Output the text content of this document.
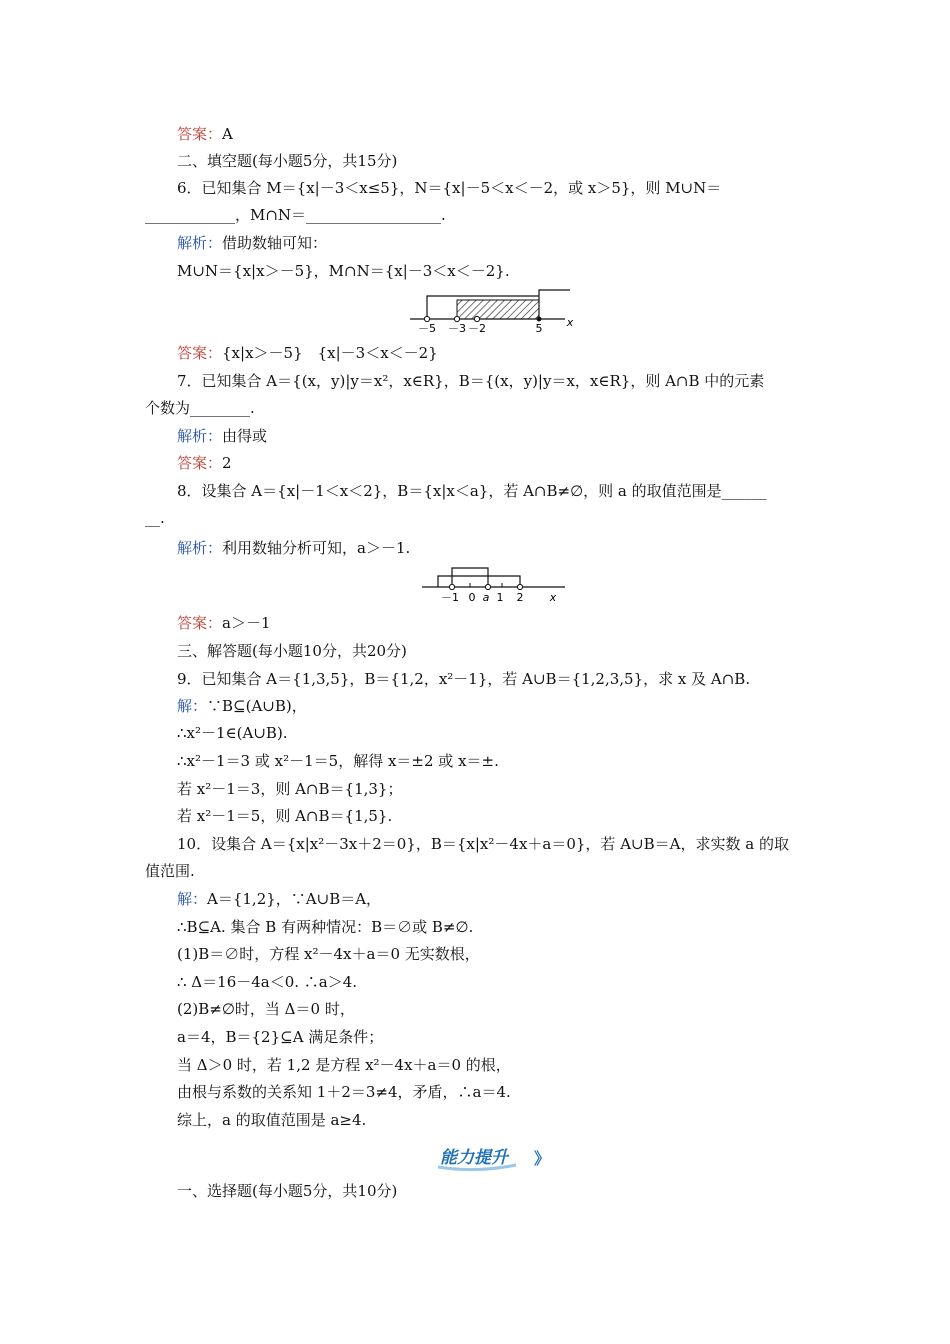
答案：A
二、填空题(每小题5分，共15分)
6．已知集合 M＝{x|－3＜x≤5}，N＝{x|－5＜x＜－2，或 x＞5}，则 M∪N＝
____________，M∩N＝__________________.
解析：借助数轴可知：
M∪N＝{x|x＞－5}，M∩N＝{x|－3＜x＜－2}.
－5 －3 －2	5 x
答案：{x|x＞－5}　{x|－3＜x＜－2}
7．已知集合 A＝{(x，y)|y＝x²，x∈R}，B＝{(x，y)|y＝x，x∈R}，则 A∩B 中的元素
个数为________.
解析：由得或
答案：2
8．设集合 A＝{x|－1＜x＜2}，B＝{x|x＜a}，若 A∩B≠∅，则 a 的取值范围是______
__.
解析：利用数轴分析可知，a＞－1.
－1 0 a 1 2 x
答案：a＞－1
三、解答题(每小题10分，共20分)
9．已知集合 A＝{1,3,5}，B＝{1,2，x²－1}，若 A∪B＝{1,2,3,5}，求 x 及 A∩B.
解：∵B⊆(A∪B)，
∴x²－1∈(A∪B).
∴x²－1＝3 或 x²－1＝5，解得 x＝±2 或 x＝±.
若 x²－1＝3，则 A∩B＝{1,3}；
若 x²－1＝5，则 A∩B＝{1,5}.
10．设集合 A＝{x|x²－3x＋2＝0}，B＝{x|x²－4x＋a＝0}，若 A∪B＝A，求实数 a 的取
值范围.
解：A＝{1,2}，∵A∪B＝A，
∴B⊆A. 集合 B 有两种情况：B＝∅或 B≠∅.
(1)B＝∅时，方程 x²－4x＋a＝0 无实数根，
∴ Δ＝16－4a＜0. ∴a＞4.
(2)B≠∅时，当 Δ＝0 时，
a＝4，B＝{2}⊆A 满足条件；
当 Δ＞0 时，若 1,2 是方程 x²－4x＋a＝0 的根，
由根与系数的关系知 1＋2＝3≠4，矛盾，∴a＝4.
综上，a 的取值范围是 a≥4.
能力提升 》
一、选择题(每小题5分，共10分)
